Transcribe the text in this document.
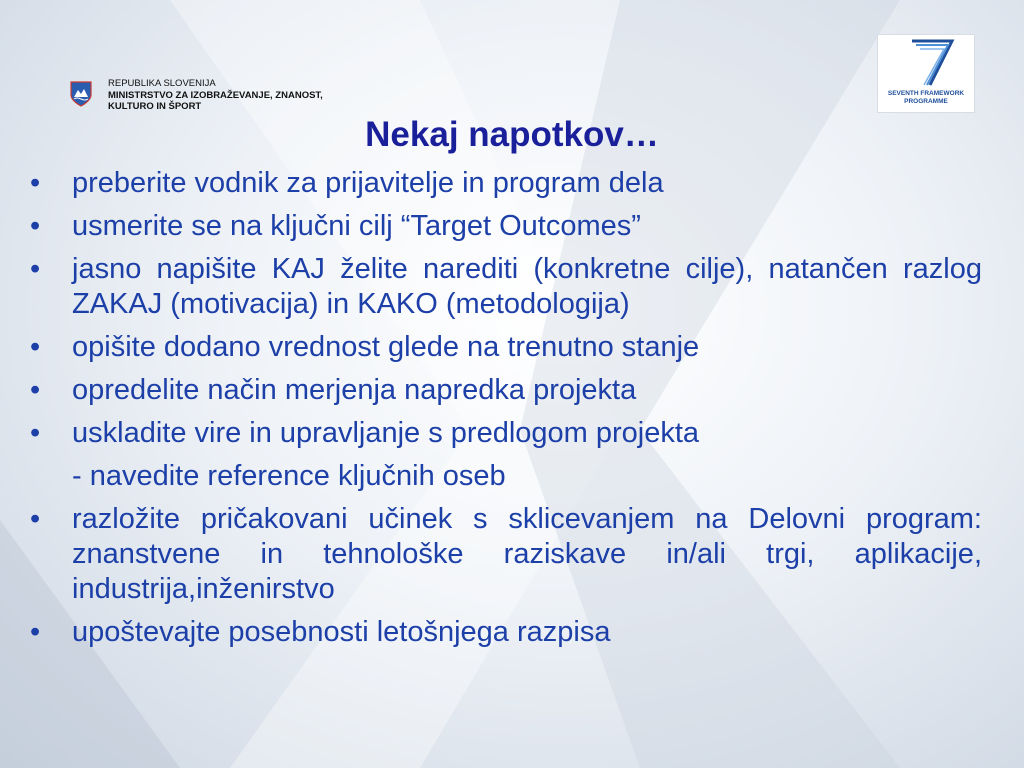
REPUBLIKA SLOVENIJA
MINISTRSTVO ZA IZOBRAŽEVANJE, ZNANOST,
KULTURO IN ŠPORT
SEVENTH FRAMEWORK
PROGRAMME
Nekaj napotkov…
• preberite vodnik za prijavitelje in program dela
• usmerite se na ključni cilj “Target Outcomes”
• jasno napišite KAJ želite narediti (konkretne cilje), natančen razlog ZAKAJ (motivacija) in KAKO (metodologija)
• opišite dodano vrednost glede na trenutno stanje
• opredelite način merjenja napredka projekta
• uskladite vire in upravljanje s predlogom projekta
- navedite reference ključnih oseb
• razložite pričakovani učinek s sklicevanjem na Delovni program: znanstvene in tehnološke raziskave in/ali trgi, aplikacije, industrija,inženirstvo
• upoštevajte posebnosti letošnjega razpisa
